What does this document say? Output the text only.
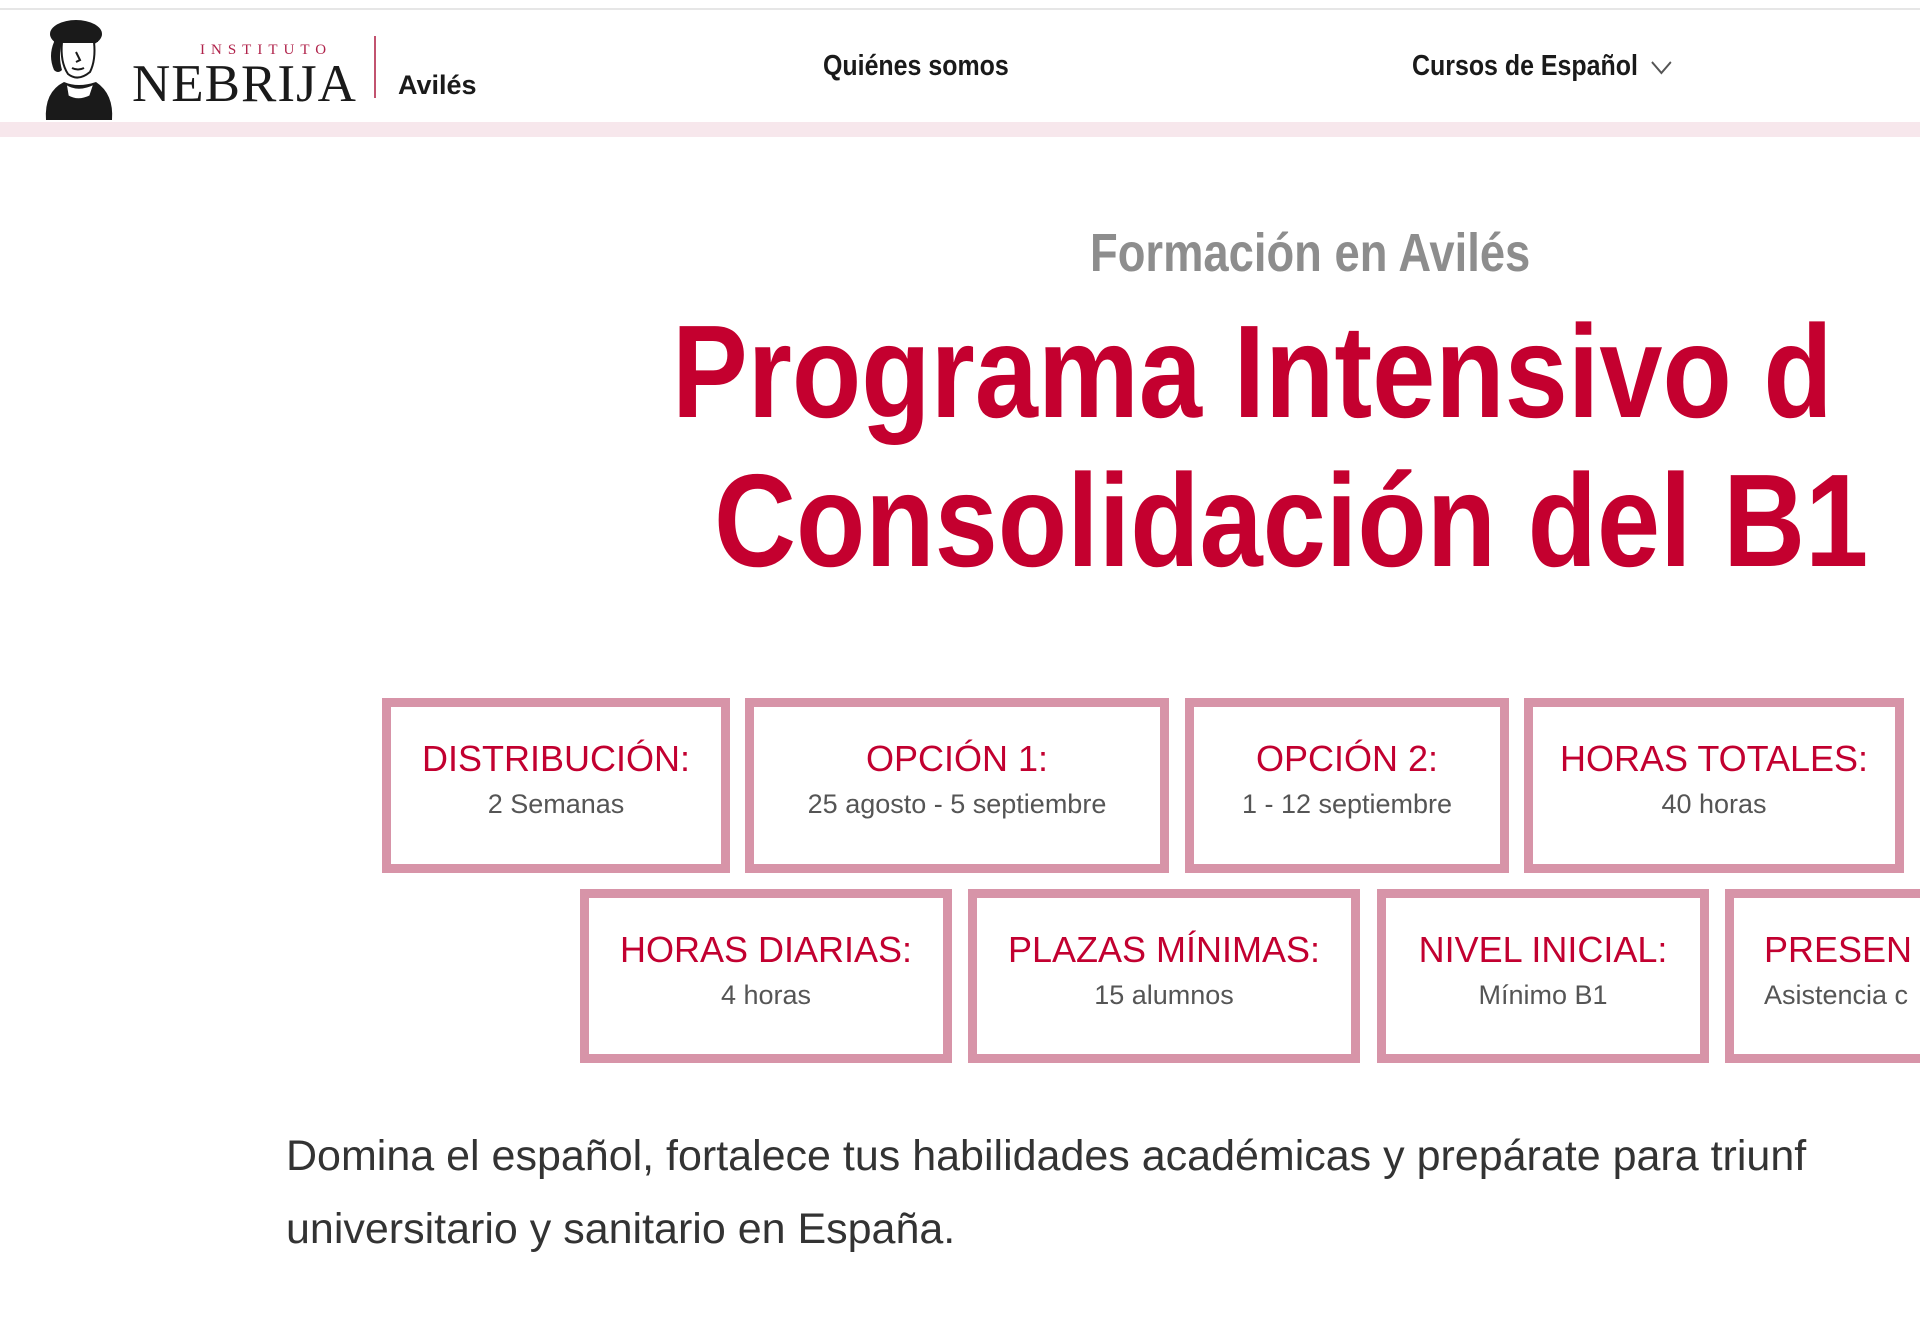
INSTITUTO
NEBRIJA Avilés
Quiénes somos	Cursos de Español
Formación en Avilés
Programa Intensivo d
Consolidación del B1
DISTRIBUCIÓN:
2 Semanas
OPCIÓN 1:
25 agosto - 5 septiembre
OPCIÓN 2:
1 - 12 septiembre
HORAS TOTALES:
40 horas
HORAS DIARIAS:
4 horas
PLAZAS MÍNIMAS:
15 alumnos
NIVEL INICIAL:
Mínimo B1
PRESEN
Asistencia c
Domina el español, fortalece tus habilidades académicas y prepárate para triunf
universitario y sanitario en España.
